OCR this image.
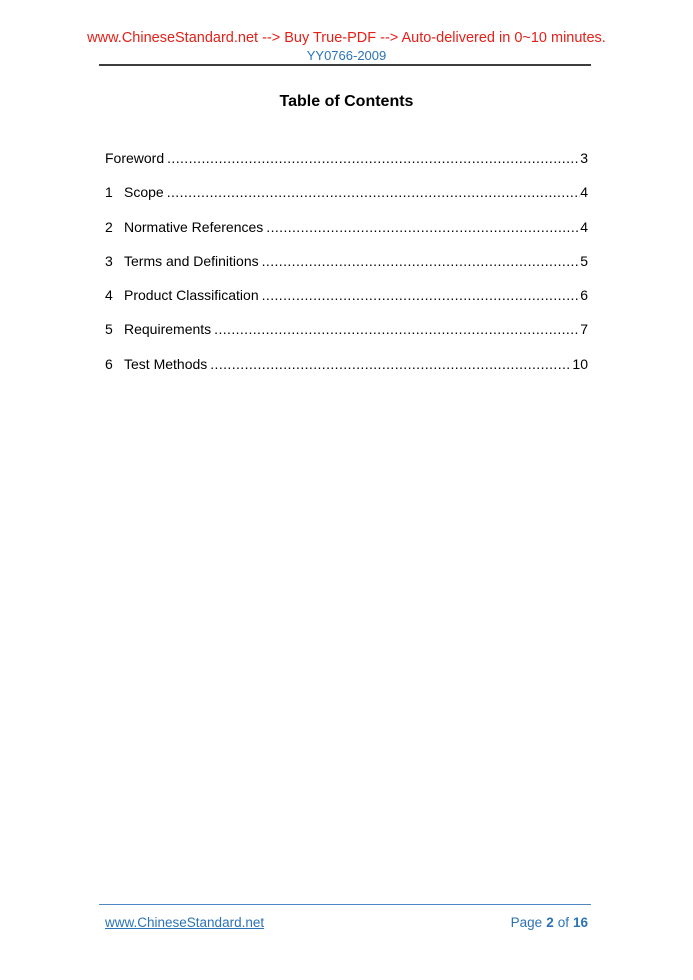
www.ChineseStandard.net --> Buy True-PDF --> Auto-delivered in 0~10 minutes.
YY0766-2009
Table of Contents
Foreword .....	3
1 Scope .....	4
2 Normative References .....	4
3 Terms and Definitions .....	5
4 Product Classification .....	6
5 Requirements .....	7
6 Test Methods .....	10
www.ChineseStandard.net	Page 2 of 16
